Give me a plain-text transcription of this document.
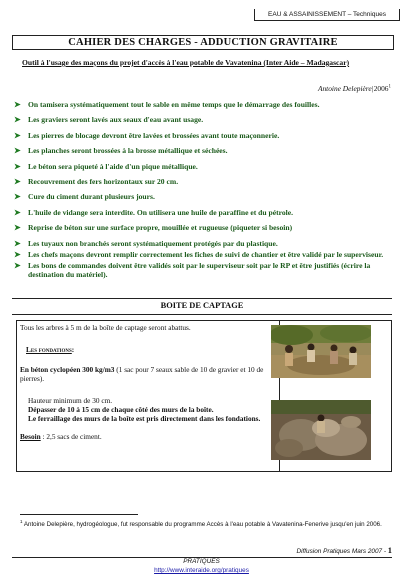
EAU & ASSAINISSEMENT – Techniques
CAHIER DES CHARGES - ADDUCTION GRAVITAIRE
Outil à l'usage des maçons du projet d'accès à l'eau potable de Vavatenina (Inter Aide – Madagascar)
Antoine Delepière|2006$^1$
➤ On tamisera systématiquement tout le sable en même temps que le démarrage des fouilles.
➤ Les graviers seront lavés aux seaux d'eau avant usage.
➤ Les pierres de blocage devront être lavées et brossées avant toute maçonnerie.
➤ Les planches seront brossées à la brosse métallique et séchées.
➤ Le béton sera piqueté à l'aide d'un pique métallique.
➤ Recouvrement des fers horizontaux sur 20 cm.
➤ Cure du ciment durant plusieurs jours.
➤ L'huile de vidange sera interdite. On utilisera une huile de paraffine et du pétrole.
➤ Reprise de béton sur une surface propre, mouillée et rugueuse (piqueter si besoin)
➤ Les tuyaux non branchés seront systématiquement protégés par du plastique.
➤ Les chefs maçons devront remplir correctement les fiches de suivi de chantier et être validé par le superviseur.
➤ Les bons de commandes doivent être validés soit par le superviseur soit par le RP et être justifiés (écrire la destination du matériel).
BOITE DE CAPTAGE

Tous les arbres à 5 m de la boîte de captage seront abattus.

Les fondations:

En béton cyclopéen 300 kg/m3 (1 sac pour 7 seaux sable de 10 de gravier et 10 de pierres).

Hauteur minimum de 30 cm.

Dépasser de 10 à 15 cm de chaque côté des murs de la boîte.

Le ferraillage des murs de la boîte est pris directement dans les fondations.

Besoin : 2,5 sacs de ciment.

$^1$ Antoine Delepière, hydrogéologue, fut responsable du programme Accès à l'eau potable à Vavatenina-Fenerive jusqu'en juin 2006.
Diffusion Pratiques Mars 2007 - 1
PRATIQUES
http://www.interaide.org/pratiques
